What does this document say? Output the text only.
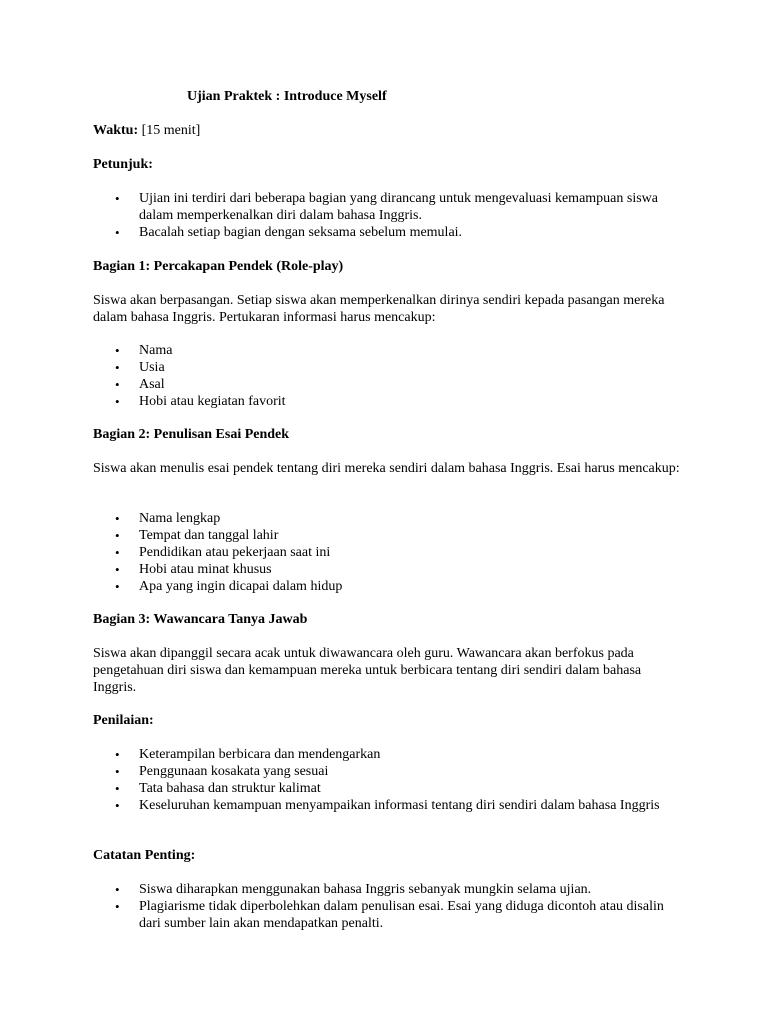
Ujian Praktek : Introduce Myself
Waktu: [15 menit]
Petunjuk:
• Ujian ini terdiri dari beberapa bagian yang dirancang untuk mengevaluasi kemampuan siswa dalam memperkenalkan diri dalam bahasa Inggris.
• Bacalah setiap bagian dengan seksama sebelum memulai.
Bagian 1: Percakapan Pendek (Role-play)

Siswa akan berpasangan. Setiap siswa akan memperkenalkan dirinya sendiri kepada pasangan mereka dalam bahasa Inggris. Pertukaran informasi harus mencakup:

• Nama
• Usia
• Asal
• Hobi atau kegiatan favorit
Bagian 2: Penulisan Esai Pendek

Siswa akan menulis esai pendek tentang diri mereka sendiri dalam bahasa Inggris. Esai harus mencakup:

• Nama lengkap
• Tempat dan tanggal lahir
• Pendidikan atau pekerjaan saat ini
• Hobi atau minat khusus
• Apa yang ingin dicapai dalam hidup
Bagian 3: Wawancara Tanya Jawab

Siswa akan dipanggil secara acak untuk diwawancara oleh guru. Wawancara akan berfokus pada pengetahuan diri siswa dan kemampuan mereka untuk berbicara tentang diri sendiri dalam bahasa Inggris.

Penilaian:
• Keterampilan berbicara dan mendengarkan
• Penggunaan kosakata yang sesuai
• Tata bahasa dan struktur kalimat
• Keseluruhan kemampuan menyampaikan informasi tentang diri sendiri dalam bahasa Inggris
Catatan Penting:
• Siswa diharapkan menggunakan bahasa Inggris sebanyak mungkin selama ujian.
• Plagiarisme tidak diperbolehkan dalam penulisan esai. Esai yang diduga dicontoh atau disalin dari sumber lain akan mendapatkan penalti.
